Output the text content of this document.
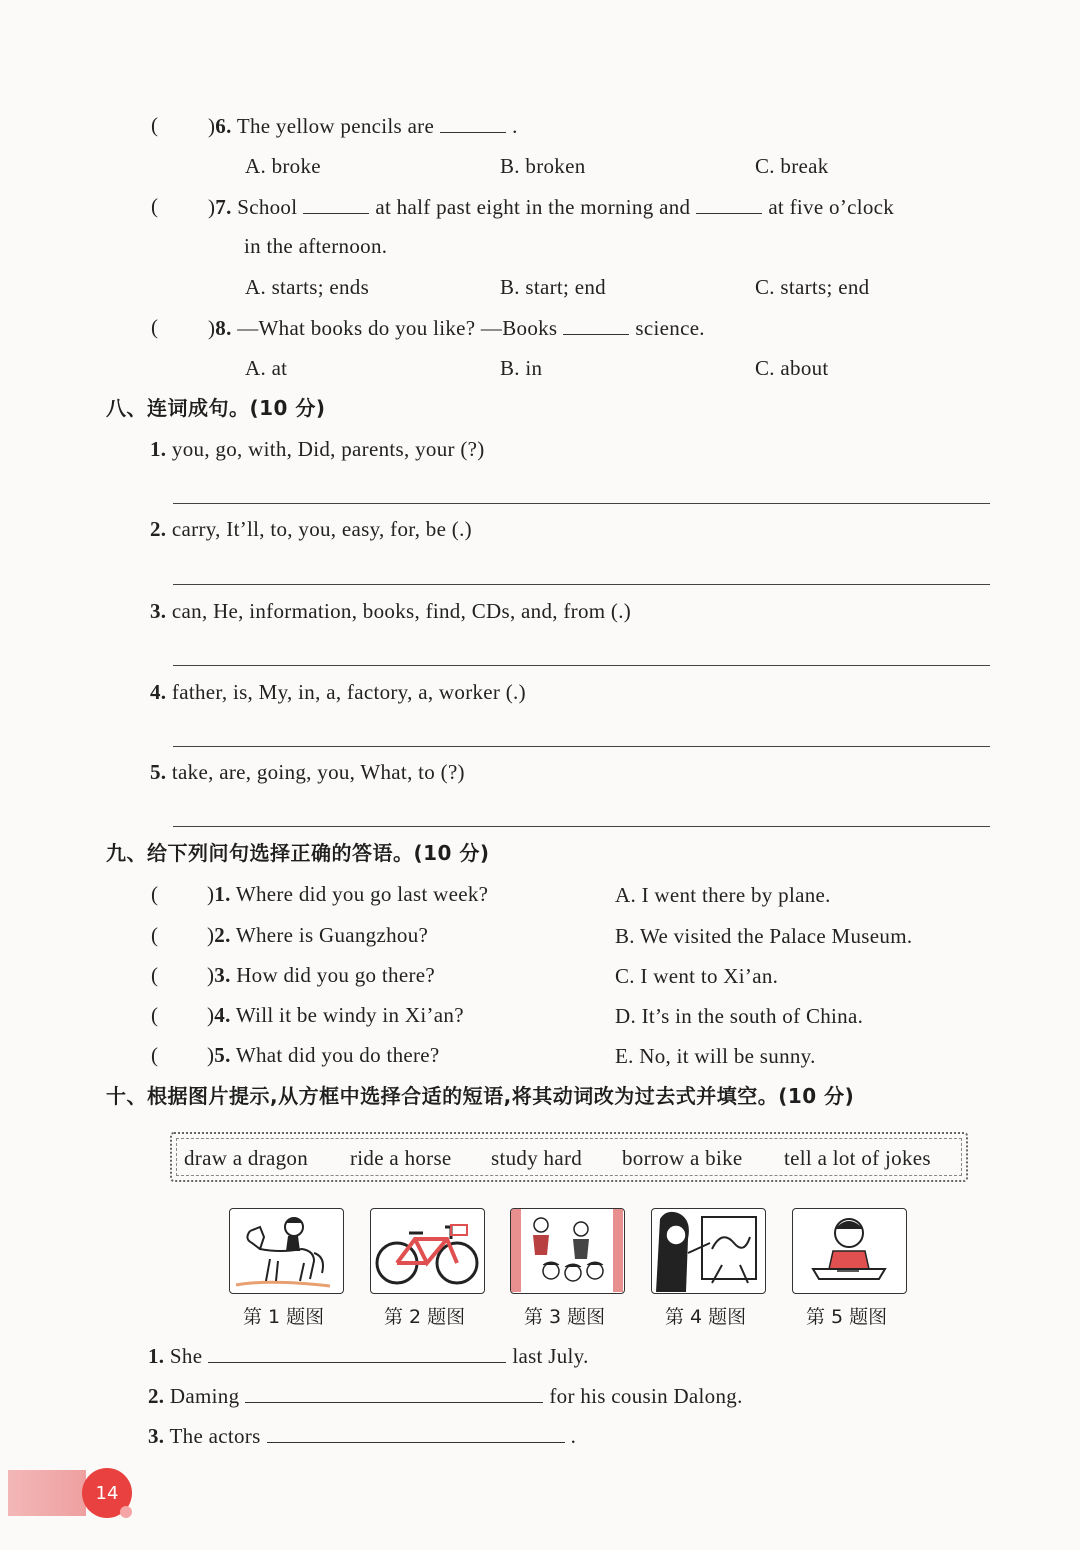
( )6. The yellow pencils are	.
A. broke	B. broken	C. break
( )7. School	at half past eight in the morning and	at five o’clock
in the afternoon.
A. starts; ends	B. start; end	C. starts; end
( )8. —What books do you like? —Books	science.
A. at	B. in	C. about
八、连词成句。(10 分)
1. you, go, with, Did, parents, your (?)
2. carry, It’ll, to, you, easy, for, be (.)
3. can, He, information, books, find, CDs, and, from (.)
4. father, is, My, in, a, factory, a, worker (.)
5. take, are, going, you, What, to (?)
九、给下列问句选择正确的答语。(10 分)
( )1. Where did you go last week?	A. I went there by plane.
( )2. Where is Guangzhou?	B. We visited the Palace Museum.
( )3. How did you go there?	C. I went to Xi’an.
( )4. Will it be windy in Xi’an?	D. It’s in the south of China.
( )5. What did you do there?	E. No, it will be sunny.
十、根据图片提示,从方框中选择合适的短语,将其动词改为过去式并填空。(10 分)
draw a dragon ride a horse study hard borrow a bike tell a lot of jokes
第 1 题图	第 2 题图	第 3 题图	第 4 题图	第 5 题图
1. She	last July.
2. Daming	for his cousin Dalong.
3. The actors	.
14
